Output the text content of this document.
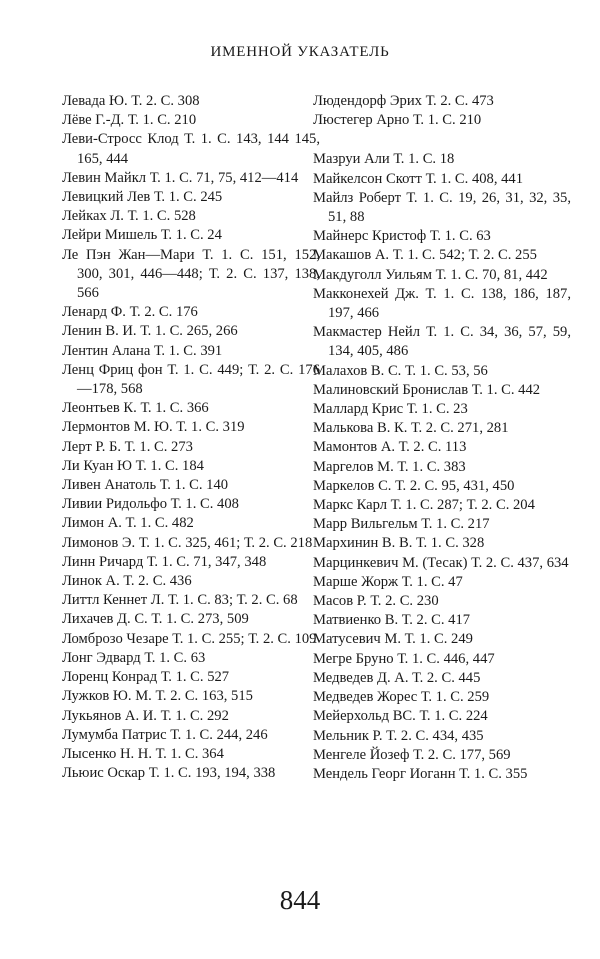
ИМЕННОЙ УКАЗАТЕЛЬ
Левада Ю. Т. 2. С. 308
Лёве Г.-Д. Т. 1. С. 210
Леви-Стросс Клод Т. 1. С. 143, 144 145, 165, 444
Левин Майкл Т. 1. С. 71, 75, 412—414
Левицкий Лев Т. 1. С. 245
Лейках Л. Т. 1. С. 528
Лейри Мишель Т. 1. С. 24
Ле Пэн Жан—Мари Т. 1. С. 151, 152, 300, 301, 446—448; Т. 2. С. 137, 138, 566
Ленард Ф. Т. 2. С. 176
Ленин В. И. Т. 1. С. 265, 266
Лентин Алана Т. 1. С. 391
Ленц Фриц фон Т. 1. С. 449; Т. 2. С. 176—178, 568
Леонтьев К. Т. 1. С. 366
Лермонтов М. Ю. Т. 1. С. 319
Лерт Р. Б. Т. 1. С. 273
Ли Куан Ю Т. 1. С. 184
Ливен Анатоль Т. 1. С. 140
Ливии Ридольфо Т. 1. С. 408
Лимон А. Т. 1. С. 482
Лимонов Э. Т. 1. С. 325, 461; Т. 2. С. 218
Линн Ричард Т. 1. С. 71, 347, 348
Линок А. Т. 2. С. 436
Литтл Кеннет Л. Т. 1. С. 83; Т. 2. С. 68
Лихачев Д. С. Т. 1. С. 273, 509
Ломброзо Чезаре Т. 1. С. 255; Т. 2. С. 109
Лонг Эдвард Т. 1. С. 63
Лоренц Конрад Т. 1. С. 527
Лужков Ю. М. Т. 2. С. 163, 515
Лукьянов А. И. Т. 1. С. 292
Лумумба Патрис Т. 1. С. 244, 246
Лысенко Н. Н. Т. 1. С. 364
Льюис Оскар Т. 1. С. 193, 194, 338
Людендорф Эрих Т. 2. С. 473
Люстегер Арно Т. 1. С. 210
Мазруи Али Т. 1. С. 18
Майкелсон Скотт Т. 1. С. 408, 441
Майлз Роберт Т. 1. С. 19, 26, 31, 32, 35, 51, 88
Майнерс Кристоф Т. 1. С. 63
Макашов А. Т. 1. С. 542; Т. 2. С. 255
Макдуголл Уильям Т. 1. С. 70, 81, 442
Макконехей Дж. Т. 1. С. 138, 186, 187, 197, 466
Макмастер Нейл Т. 1. С. 34, 36, 57, 59, 134, 405, 486
Малахов В. С. Т. 1. С. 53, 56
Малиновский Бронислав Т. 1. С. 442
Маллард Крис Т. 1. С. 23
Малькова В. К. Т. 2. С. 271, 281
Мамонтов А. Т. 2. С. 113
Маргелов М. Т. 1. С. 383
Маркелов С. Т. 2. С. 95, 431, 450
Маркс Карл Т. 1. С. 287; Т. 2. С. 204
Марр Вильгельм Т. 1. С. 217
Мархинин В. В. Т. 1. С. 328
Марцинкевич М. (Тесак) Т. 2. С. 437, 634
Марше Жорж Т. 1. С. 47
Масов Р. Т. 2. С. 230
Матвиенко В. Т. 2. С. 417
Матусевич М. Т. 1. С. 249
Мегре Бруно Т. 1. С. 446, 447
Медведев Д. А. Т. 2. С. 445
Медведев Жорес Т. 1. С. 259
Мейерхольд ВС. Т. 1. С. 224
Мельник Р. Т. 2. С. 434, 435
Менгеле Йозеф Т. 2. С. 177, 569
Мендель Георг Иоганн Т. 1. С. 355
844
